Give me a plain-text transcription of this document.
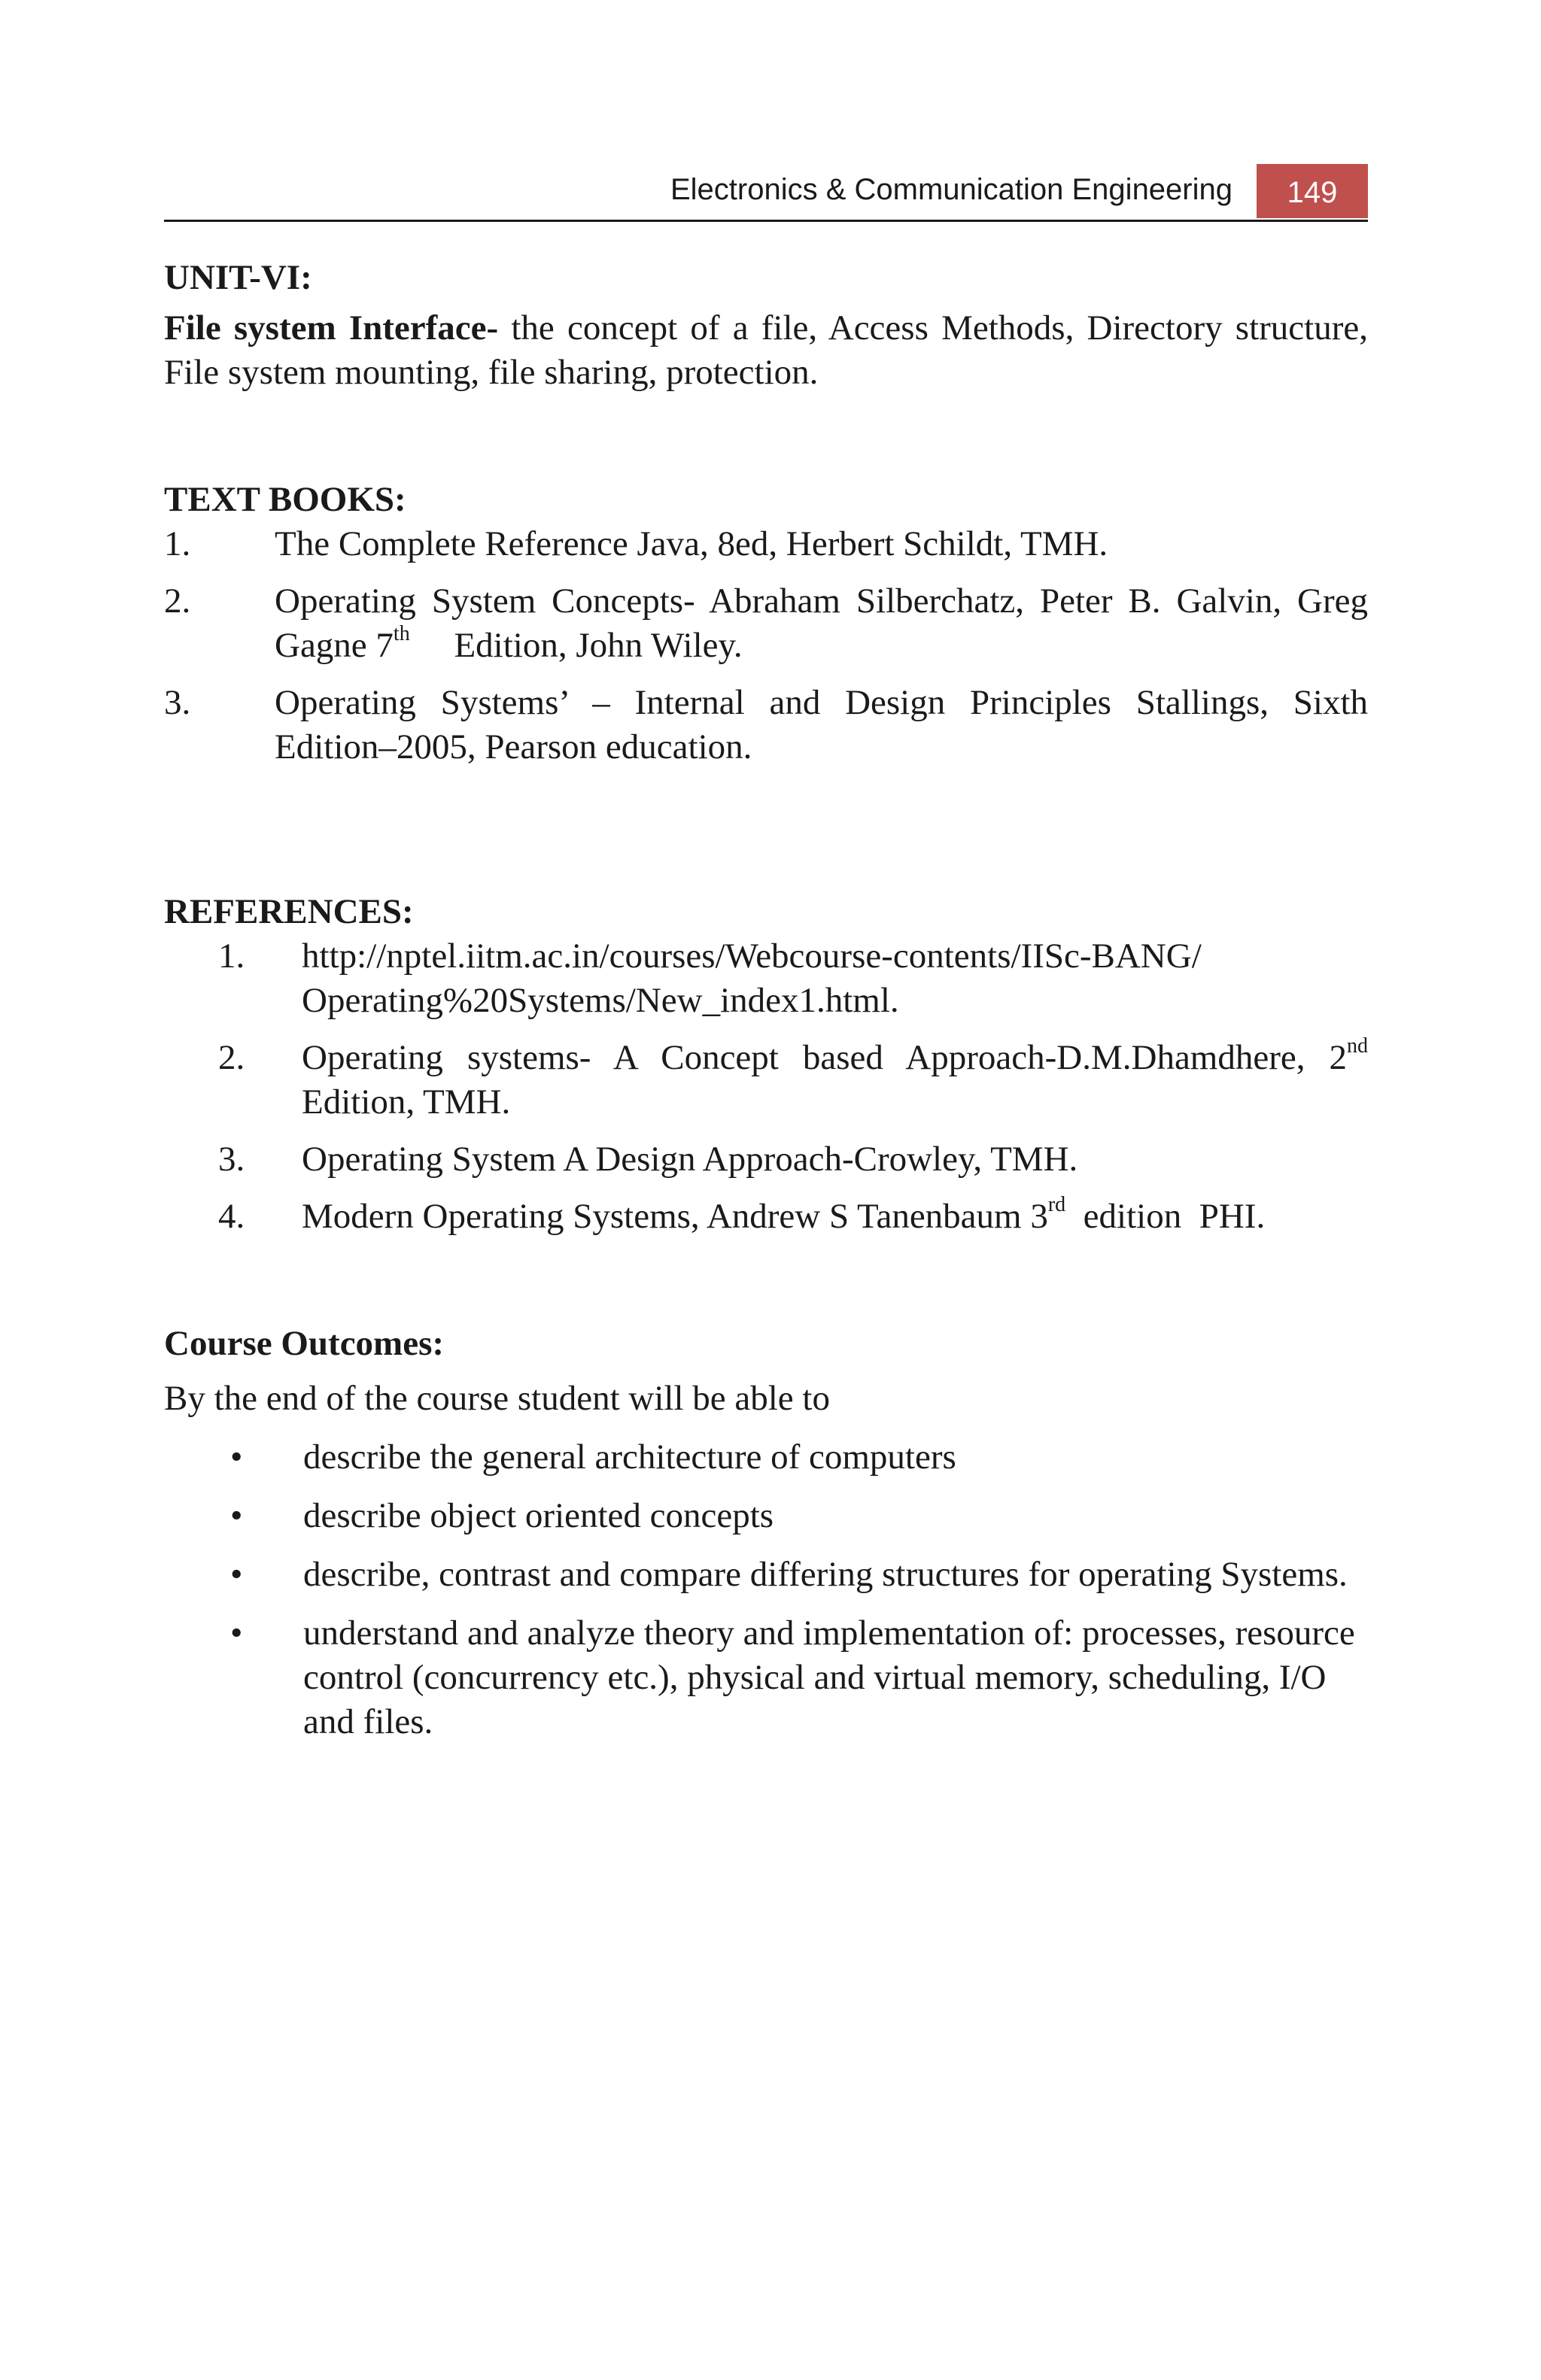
Electronics & Communication Engineering	149
UNIT-VI:
File system Interface- the concept of a file, Access Methods, Directory structure, File system mounting, file sharing, protection.
TEXT BOOKS:
1. The Complete Reference Java, 8ed, Herbert Schildt, TMH.
2. Operating System Concepts- Abraham Silberchatz, Peter B. Galvin, Greg Gagne 7th     Edition, John Wiley.
3. Operating Systems’ – Internal and Design Principles Stallings, Sixth Edition–2005, Pearson education.
REFERENCES:
1. http://nptel.iitm.ac.in/courses/Webcourse-contents/IISc-BANG/
Operating%20Systems/New_index1.html.
2. Operating systems- A Concept based Approach-D.M.Dhamdhere, 2nd Edition, TMH.
3. Operating System A Design Approach-Crowley, TMH.
4. Modern Operating Systems, Andrew S Tanenbaum 3rd  edition  PHI.
Course Outcomes:
By the end of the course student will be able to
• describe the general architecture of computers
• describe object oriented concepts
• describe, contrast and compare differing structures for operating Systems.
• understand and analyze theory and implementation of: processes, resource control (concurrency etc.), physical and virtual memory, scheduling, I/O and files.
